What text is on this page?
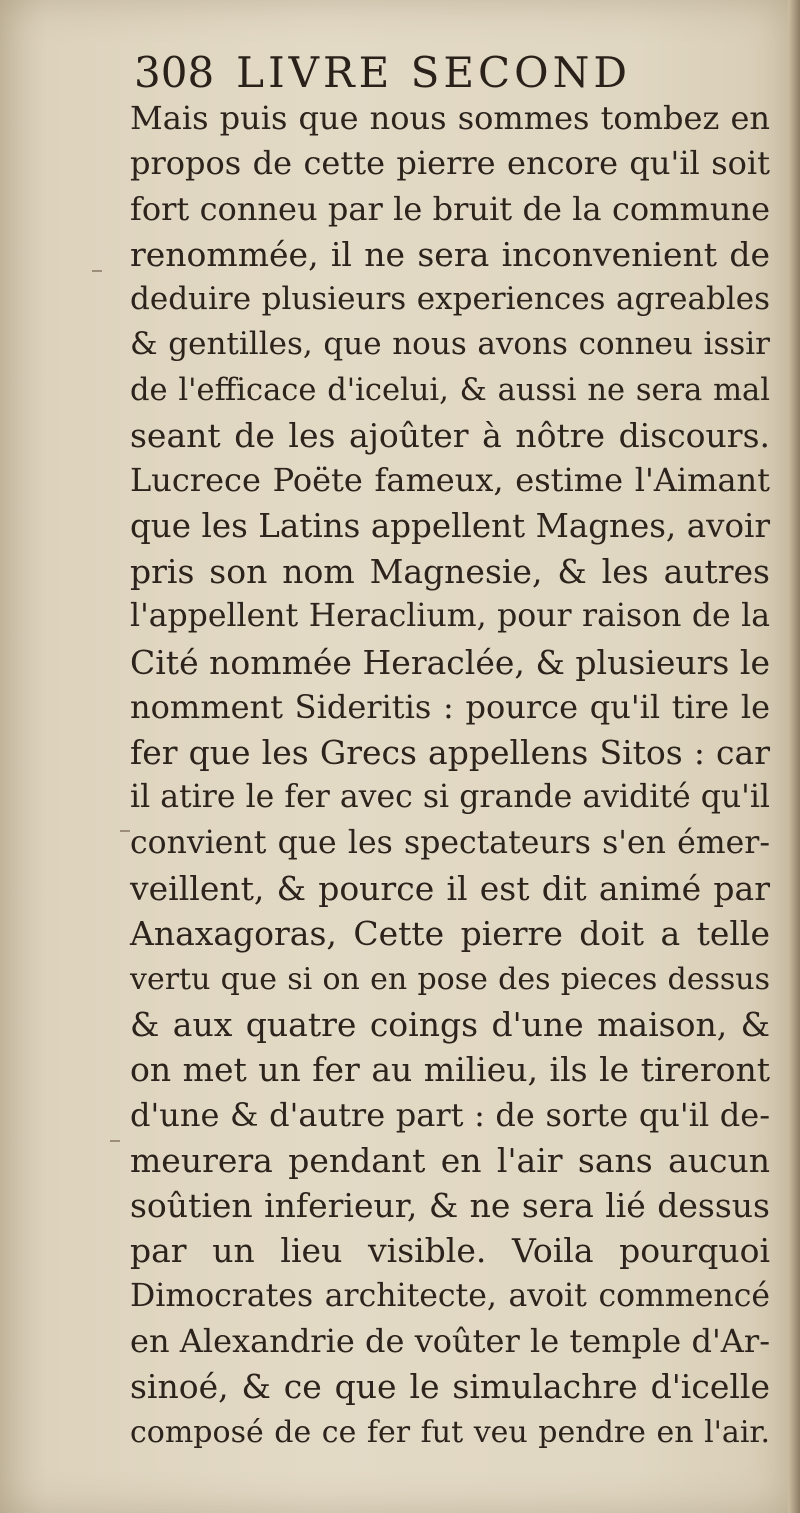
308 LIVRE SECOND
Mais puis que nous sommes tombez en
propos de cette pierre encore qu'il soit
fort conneu par le bruit de la commune
renommée, il ne sera inconvenient de
deduire plusieurs experiences agreables
& gentilles, que nous avons conneu issir
de l'efficace d'icelui, & aussi ne sera mal
seant de les ajoûter à nôtre discours.
Lucrece Poëte fameux, estime l'Aimant
que les Latins appellent Magnes, avoir
pris son nom Magnesie, & les autres
l'appellent Heraclium, pour raison de la
Cité nommée Heraclée, & plusieurs le
nomment Sideritis : pource qu'il tire le
fer que les Grecs appellens Sitos : car
il atire le fer avec si grande avidité qu'il
convient que les spectateurs s'en émer-
veillent, & pource il est dit animé par
Anaxagoras, Cette pierre doit a telle
vertu que si on en pose des pieces dessus
& aux quatre coings d'une maison, &
on met un fer au milieu, ils le tireront
d'une & d'autre part : de sorte qu'il de-
meurera pendant en l'air sans aucun
soûtien inferieur, & ne sera lié dessus
par un lieu visible. Voila pourquoi
Dimocrates architecte, avoit commencé
en Alexandrie de voûter le temple d'Ar-
sinoé, & ce que le simulachre d'icelle
composé de ce fer fut veu pendre en l'air.
